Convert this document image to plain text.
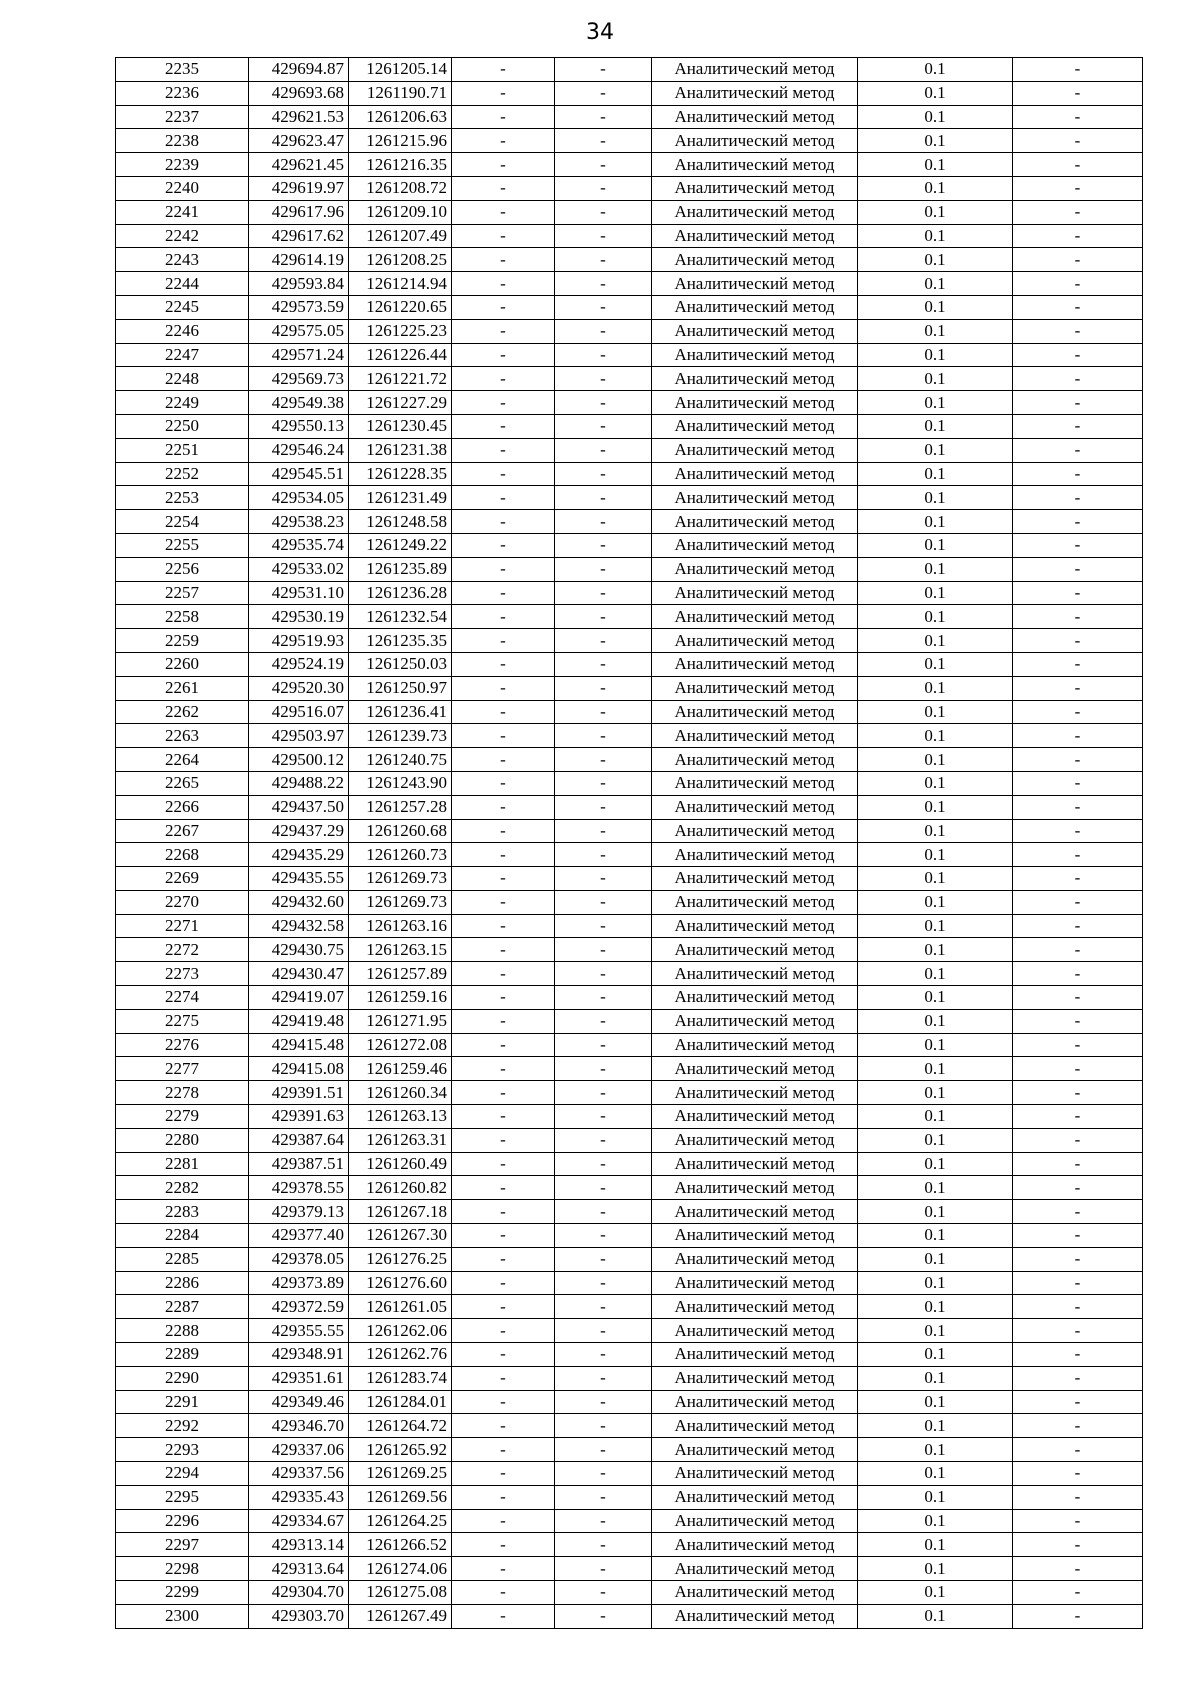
34
2235	429694.87	1261205.14	-	-	Аналитический метод	0.1	-
2236	429693.68	1261190.71	-	-	Аналитический метод	0.1	-
2237	429621.53	1261206.63	-	-	Аналитический метод	0.1	-
2238	429623.47	1261215.96	-	-	Аналитический метод	0.1	-
2239	429621.45	1261216.35	-	-	Аналитический метод	0.1	-
2240	429619.97	1261208.72	-	-	Аналитический метод	0.1	-
2241	429617.96	1261209.10	-	-	Аналитический метод	0.1	-
2242	429617.62	1261207.49	-	-	Аналитический метод	0.1	-
2243	429614.19	1261208.25	-	-	Аналитический метод	0.1	-
2244	429593.84	1261214.94	-	-	Аналитический метод	0.1	-
2245	429573.59	1261220.65	-	-	Аналитический метод	0.1	-
2246	429575.05	1261225.23	-	-	Аналитический метод	0.1	-
2247	429571.24	1261226.44	-	-	Аналитический метод	0.1	-
2248	429569.73	1261221.72	-	-	Аналитический метод	0.1	-
2249	429549.38	1261227.29	-	-	Аналитический метод	0.1	-
2250	429550.13	1261230.45	-	-	Аналитический метод	0.1	-
2251	429546.24	1261231.38	-	-	Аналитический метод	0.1	-
2252	429545.51	1261228.35	-	-	Аналитический метод	0.1	-
2253	429534.05	1261231.49	-	-	Аналитический метод	0.1	-
2254	429538.23	1261248.58	-	-	Аналитический метод	0.1	-
2255	429535.74	1261249.22	-	-	Аналитический метод	0.1	-
2256	429533.02	1261235.89	-	-	Аналитический метод	0.1	-
2257	429531.10	1261236.28	-	-	Аналитический метод	0.1	-
2258	429530.19	1261232.54	-	-	Аналитический метод	0.1	-
2259	429519.93	1261235.35	-	-	Аналитический метод	0.1	-
2260	429524.19	1261250.03	-	-	Аналитический метод	0.1	-
2261	429520.30	1261250.97	-	-	Аналитический метод	0.1	-
2262	429516.07	1261236.41	-	-	Аналитический метод	0.1	-
2263	429503.97	1261239.73	-	-	Аналитический метод	0.1	-
2264	429500.12	1261240.75	-	-	Аналитический метод	0.1	-
2265	429488.22	1261243.90	-	-	Аналитический метод	0.1	-
2266	429437.50	1261257.28	-	-	Аналитический метод	0.1	-
2267	429437.29	1261260.68	-	-	Аналитический метод	0.1	-
2268	429435.29	1261260.73	-	-	Аналитический метод	0.1	-
2269	429435.55	1261269.73	-	-	Аналитический метод	0.1	-
2270	429432.60	1261269.73	-	-	Аналитический метод	0.1	-
2271	429432.58	1261263.16	-	-	Аналитический метод	0.1	-
2272	429430.75	1261263.15	-	-	Аналитический метод	0.1	-
2273	429430.47	1261257.89	-	-	Аналитический метод	0.1	-
2274	429419.07	1261259.16	-	-	Аналитический метод	0.1	-
2275	429419.48	1261271.95	-	-	Аналитический метод	0.1	-
2276	429415.48	1261272.08	-	-	Аналитический метод	0.1	-
2277	429415.08	1261259.46	-	-	Аналитический метод	0.1	-
2278	429391.51	1261260.34	-	-	Аналитический метод	0.1	-
2279	429391.63	1261263.13	-	-	Аналитический метод	0.1	-
2280	429387.64	1261263.31	-	-	Аналитический метод	0.1	-
2281	429387.51	1261260.49	-	-	Аналитический метод	0.1	-
2282	429378.55	1261260.82	-	-	Аналитический метод	0.1	-
2283	429379.13	1261267.18	-	-	Аналитический метод	0.1	-
2284	429377.40	1261267.30	-	-	Аналитический метод	0.1	-
2285	429378.05	1261276.25	-	-	Аналитический метод	0.1	-
2286	429373.89	1261276.60	-	-	Аналитический метод	0.1	-
2287	429372.59	1261261.05	-	-	Аналитический метод	0.1	-
2288	429355.55	1261262.06	-	-	Аналитический метод	0.1	-
2289	429348.91	1261262.76	-	-	Аналитический метод	0.1	-
2290	429351.61	1261283.74	-	-	Аналитический метод	0.1	-
2291	429349.46	1261284.01	-	-	Аналитический метод	0.1	-
2292	429346.70	1261264.72	-	-	Аналитический метод	0.1	-
2293	429337.06	1261265.92	-	-	Аналитический метод	0.1	-
2294	429337.56	1261269.25	-	-	Аналитический метод	0.1	-
2295	429335.43	1261269.56	-	-	Аналитический метод	0.1	-
2296	429334.67	1261264.25	-	-	Аналитический метод	0.1	-
2297	429313.14	1261266.52	-	-	Аналитический метод	0.1	-
2298	429313.64	1261274.06	-	-	Аналитический метод	0.1	-
2299	429304.70	1261275.08	-	-	Аналитический метод	0.1	-
2300	429303.70	1261267.49	-	-	Аналитический метод	0.1	-
